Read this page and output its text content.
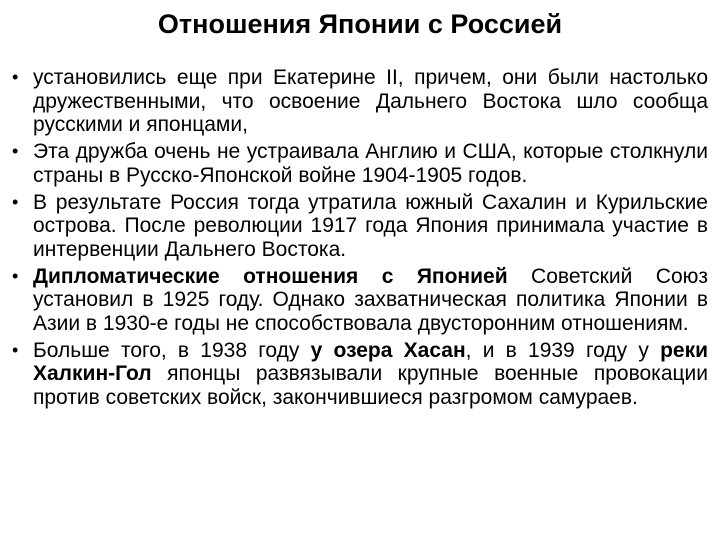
Отношения Японии с Россией
• установились еще при Екатерине II, причем, они были настолько дружественными, что освоение Дальнего Востока шло сообща русскими и японцами,
• Эта дружба очень не устраивала Англию и США, которые столкнули страны в Русско-Японской войне 1904-1905 годов.
• В результате Россия тогда утратила южный Сахалин и Курильские острова. После революции 1917 года Япония принимала участие в интервенции Дальнего Востока.
• Дипломатические отношения с Японией Советский Союз установил в 1925 году. Однако захватническая политика Японии в Азии в 1930-е годы не способствовала двусторонним отношениям.
• Больше того, в 1938 году у озера Хасан, и в 1939 году у реки Халкин-Гол японцы развязывали крупные военные провокации против советских войск, закончившиеся разгромом самураев.
